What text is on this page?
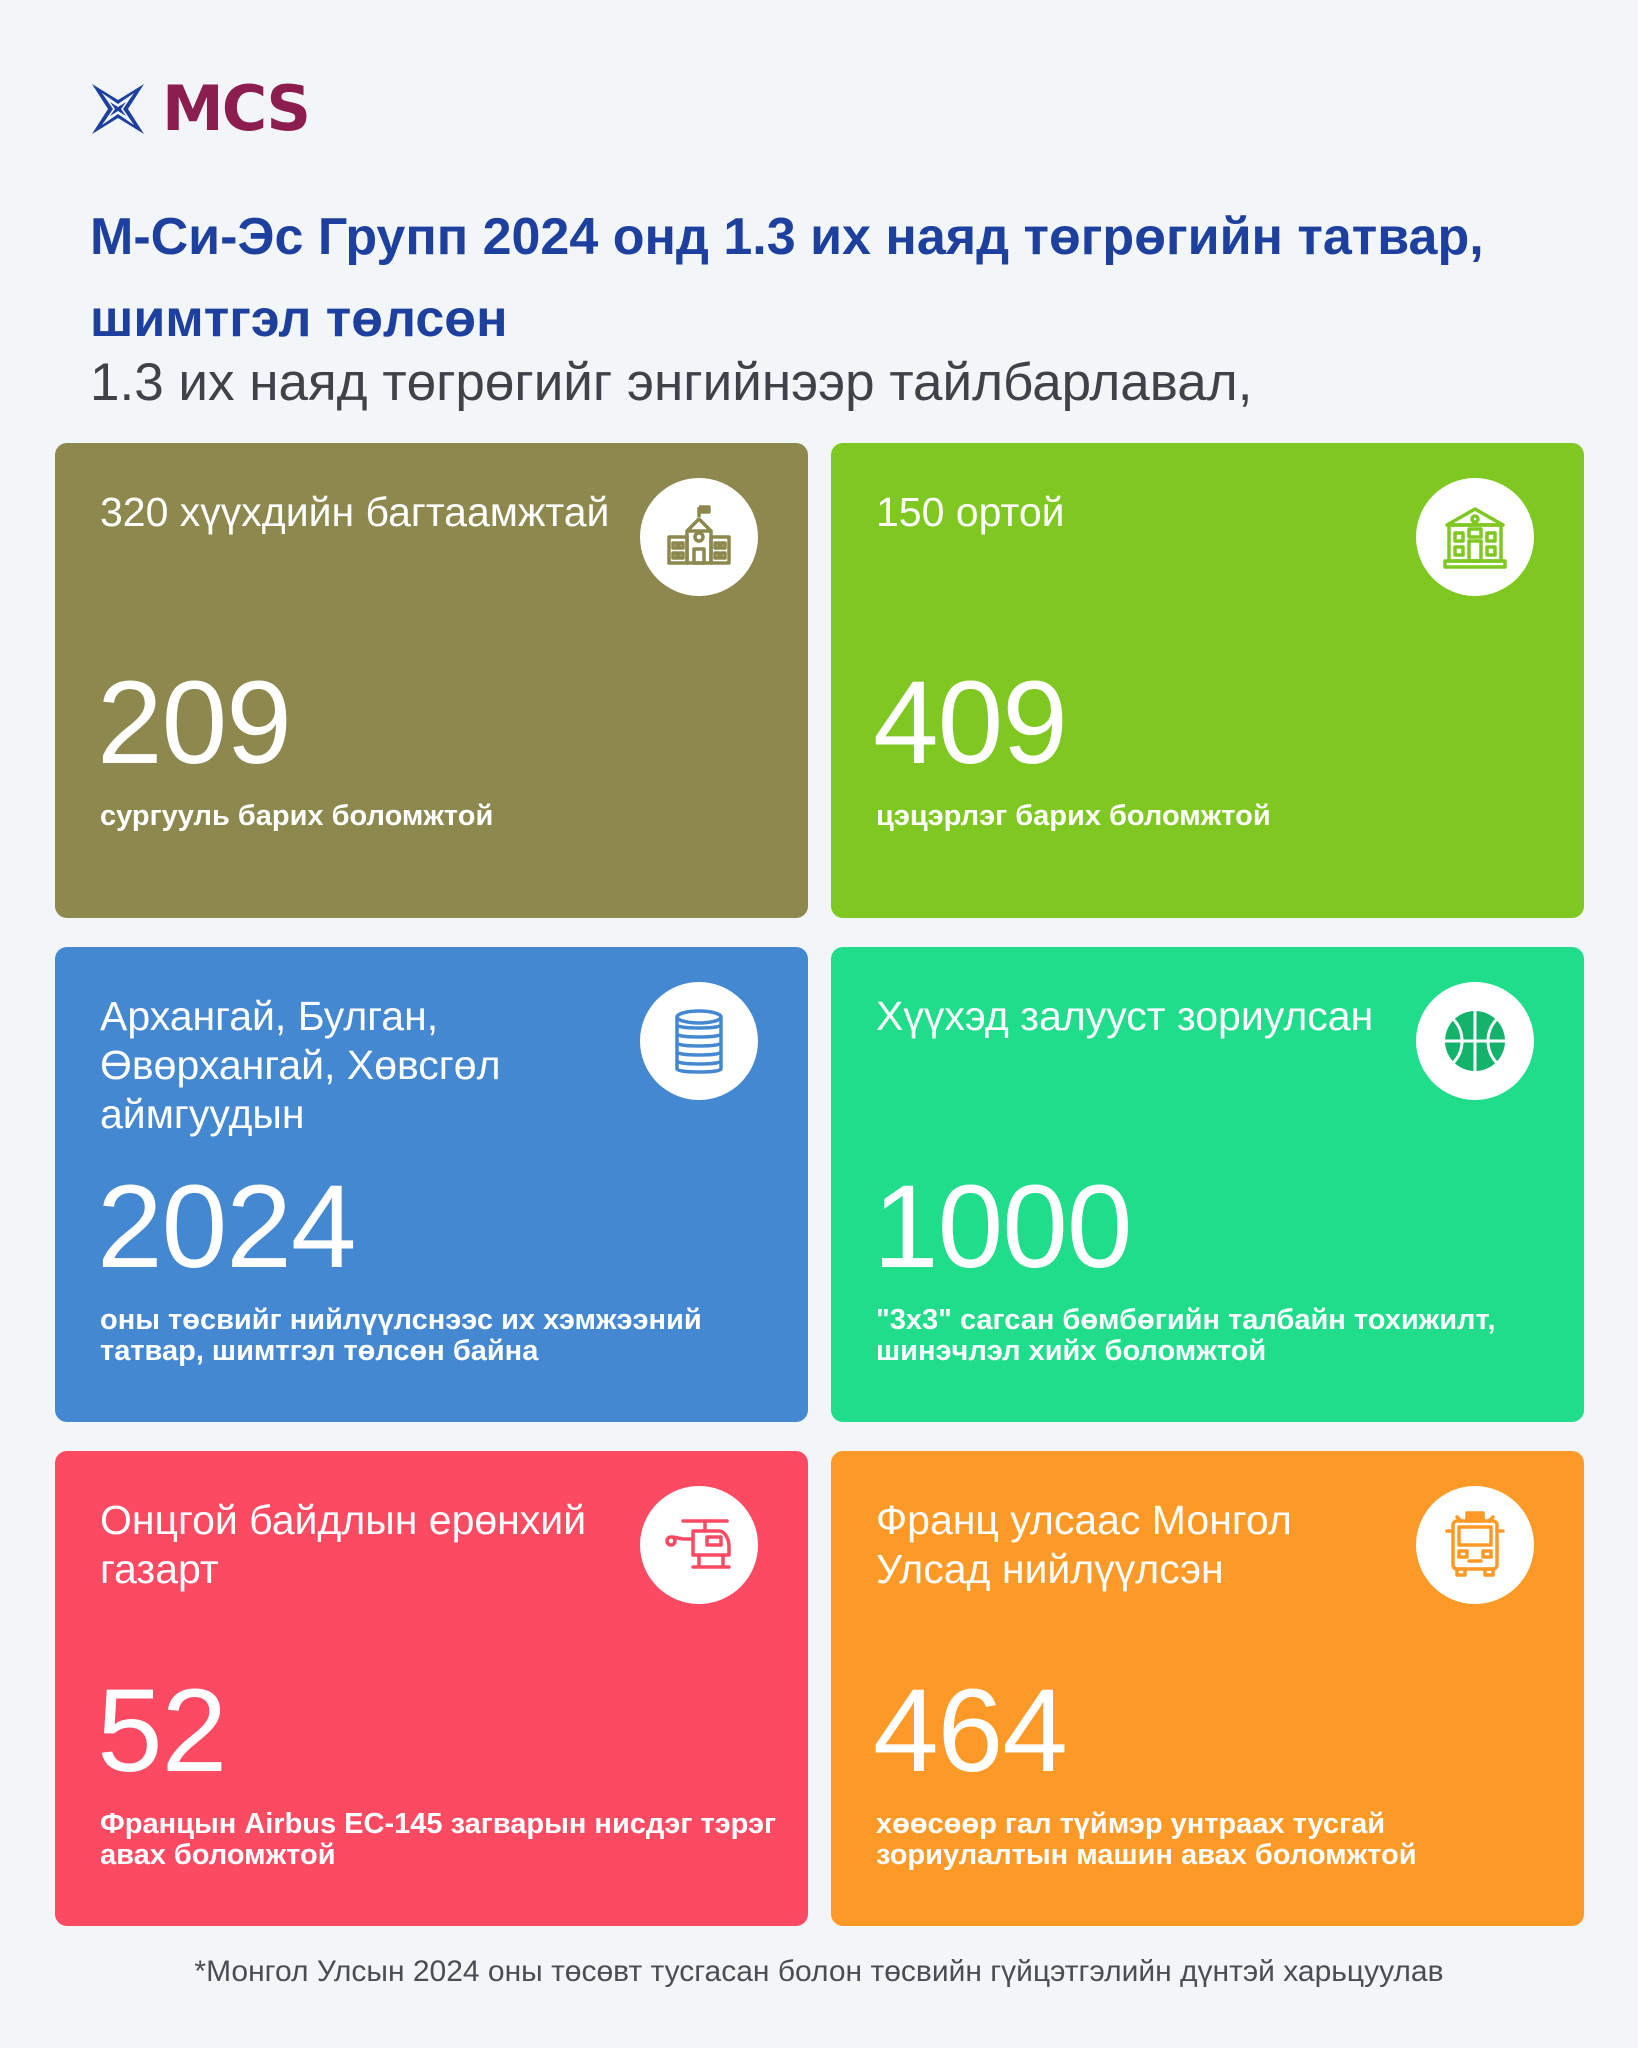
MCS
М-Си-Эс Групп 2024 онд 1.3 их наяд төгрөгийн татвар, шимтгэл төлсөн
1.3 их наяд төгрөгийг энгийнээр тайлбарлавал,
320 хүүхдийн багтаамжтай
209
сургууль барих боломжтой
150 ортой
409
цэцэрлэг барих боломжтой
Архангай, Булган, Өвөрхангай, Хөвсгөл аймгуудын
2024
оны төсвийг нийлүүлснээс их хэмжээний татвар, шимтгэл төлсөн байна
Хүүхэд залууст зориулсан
1000
"3x3" сагсан бөмбөгийн талбайн тохижилт, шинэчлэл хийх боломжтой
Онцгой байдлын ерөнхий газарт
52
Францын Airbus EC-145 загварын нисдэг тэрэг авах боломжтой
Франц улсаас Монгол Улсад нийлүүлсэн
464
хөөсөөр гал түймэр унтраах тусгай зориулалтын машин авах боломжтой
*Монгол Улсын 2024 оны төсөвт тусгасан болон төсвийн гүйцэтгэлийн дүнтэй харьцуулав
